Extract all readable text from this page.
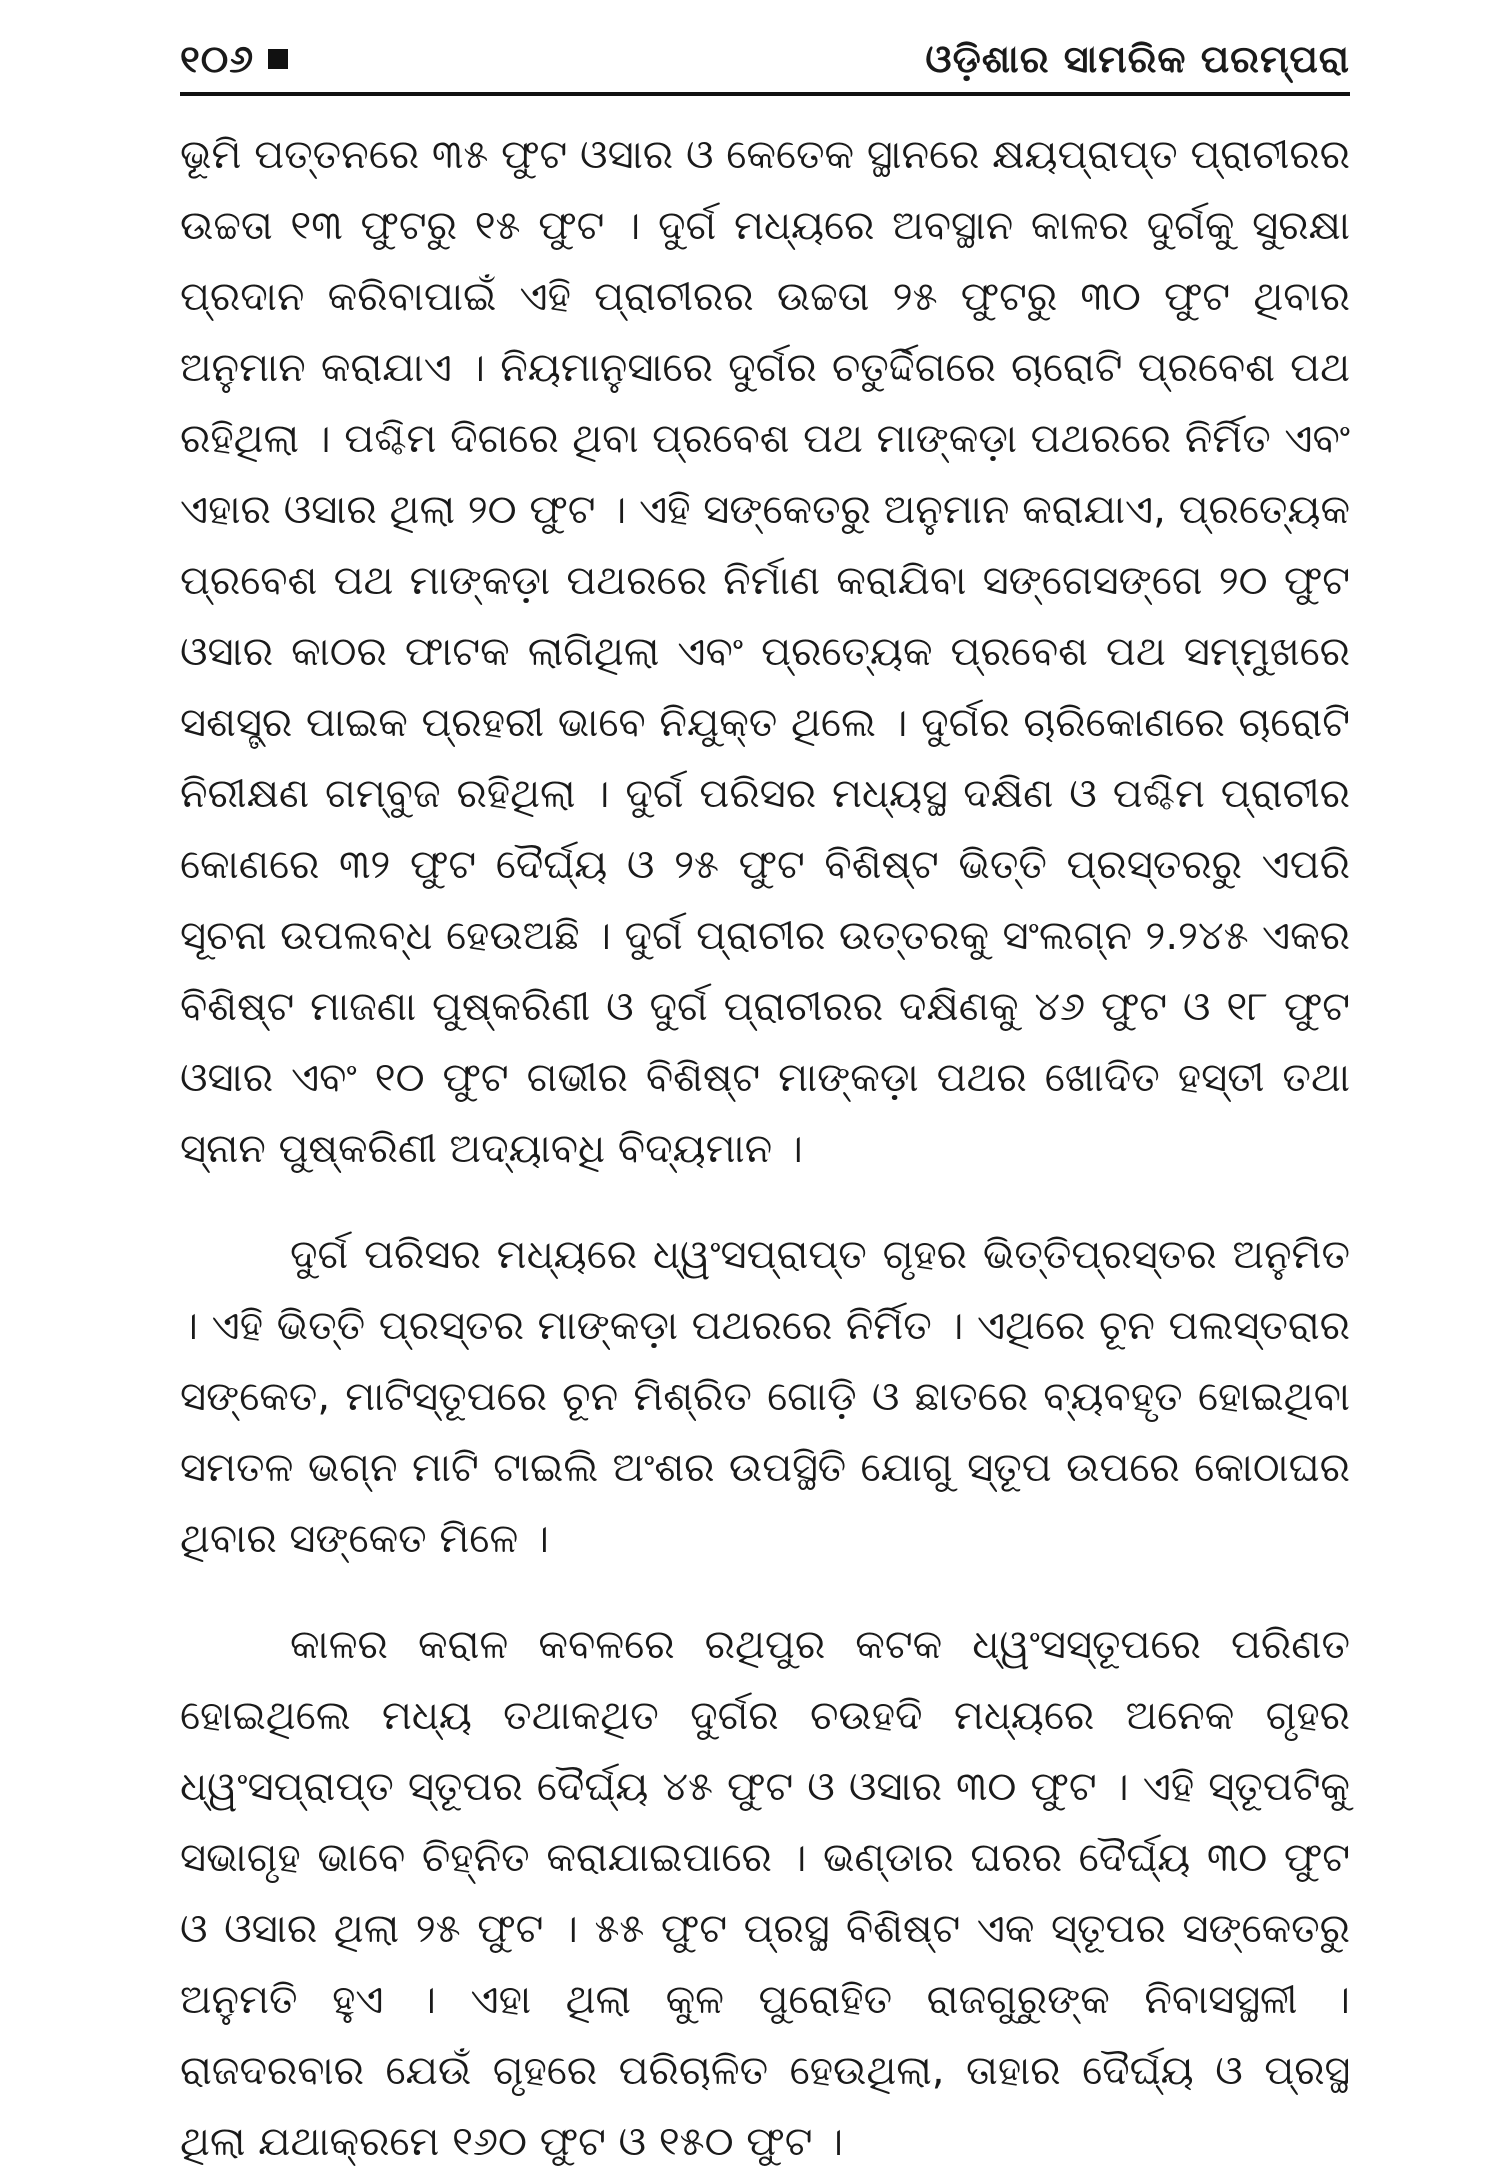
୧୦୬	ଓଡ଼ିଶାର ସାମରିକ ପରମ୍ପରା

ଭୂମି ପତ୍ତନରେ ୩୫ ଫୁଟ ଓସାର ଓ କେତେକ ସ୍ଥାନରେ କ୍ଷୟପ୍ରାପ୍ତ ପ୍ରାଚୀରର ଉଚ୍ଚତା ୧୩ ଫୁଟରୁ ୧୫ ଫୁଟ । ଦୁର୍ଗ ମଧ୍ୟରେ ଅବସ୍ଥାନ କାଳର ଦୁର୍ଗକୁ ସୁରକ୍ଷା ପ୍ରଦାନ କରିବାପାଇଁ ଏହି ପ୍ରାଚୀରର ଉଚ୍ଚତା ୨୫ ଫୁଟରୁ ୩୦ ଫୁଟ ଥିବାର ଅନୁମାନ କରାଯାଏ । ନିୟମାନୁସାରେ ଦୁର୍ଗର ଚତୁର୍ଦ୍ଦିଗରେ ଚାରୋଟି ପ୍ରବେଶ ପଥ ରହିଥିଲା । ପଶ୍ଚିମ ଦିଗରେ ଥିବା ପ୍ରବେଶ ପଥ ମାଙ୍କଡ଼ା ପଥରରେ ନିର୍ମିତ ଏବଂ ଏହାର ଓସାର ଥିଲା ୨୦ ଫୁଟ । ଏହି ସଙ୍କେତରୁ ଅନୁମାନ କରାଯାଏ, ପ୍ରତ୍ୟେକ ପ୍ରବେଶ ପଥ ମାଙ୍କଡ଼ା ପଥରରେ ନିର୍ମାଣ କରାଯିବା ସଙ୍ଗେସଙ୍ଗେ ୨୦ ଫୁଟ ଓସାର କାଠର ଫାଟକ ଲାଗିଥିଲା ଏବଂ ପ୍ରତ୍ୟେକ ପ୍ରବେଶ ପଥ ସମ୍ମୁଖରେ ସଶସ୍ତ୍ର ପାଇକ ପ୍ରହରୀ ଭାବେ ନିଯୁକ୍ତ ଥିଲେ । ଦୁର୍ଗର ଚାରିକୋଣରେ ଚାରୋଟି ନିରୀକ୍ଷଣ ଗମ୍ବୁଜ ରହିଥିଲା । ଦୁର୍ଗ ପରିସର ମଧ୍ୟସ୍ଥ ଦକ୍ଷିଣ ଓ ପଶ୍ଚିମ ପ୍ରାଚୀର କୋଣରେ ୩୨ ଫୁଟ ଦୈର୍ଘ୍ୟ ଓ ୨୫ ଫୁଟ ବିଶିଷ୍ଟ ଭିତ୍ତି ପ୍ରସ୍ତରରୁ ଏପରି ସୂଚନା ଉପଲବ୍ଧ ହେଉଅଛି । ଦୁର୍ଗ ପ୍ରାଚୀର ଉତ୍ତରକୁ ସଂଲଗ୍ନ ୨.୨୪୫ ଏକର ବିଶିଷ୍ଟ ମାଜଣା ପୁଷ୍କରିଣୀ ଓ ଦୁର୍ଗ ପ୍ରାଚୀରର ଦକ୍ଷିଣକୁ ୪୬ ଫୁଟ ଓ ୧୮ ଫୁଟ ଓସାର ଏବଂ ୧୦ ଫୁଟ ଗଭୀର ବିଶିଷ୍ଟ ମାଙ୍କଡ଼ା ପଥର ଖୋଦିତ ହସ୍ତୀ ତଥା ସ୍ନାନ ପୁଷ୍କରିଣୀ ଅଦ୍ୟାବଧି ବିଦ୍ୟମାନ ।

ଦୁର୍ଗ ପରିସର ମଧ୍ୟରେ ଧ୍ୱଂସପ୍ରାପ୍ତ ଗୃହର ଭିତ୍ତିପ୍ରସ୍ତର ଅନୁମିତ । ଏହି ଭିତ୍ତି ପ୍ରସ୍ତର ମାଙ୍କଡ଼ା ପଥରରେ ନିର୍ମିତ । ଏଥିରେ ଚୂନ ପଲସ୍ତରାର ସଙ୍କେତ, ମାଟିସ୍ତୂପରେ ଚୂନ ମିଶ୍ରିତ ଗୋଡ଼ି ଓ ଛାତରେ ବ୍ୟବହୃତ ହୋଇଥିବା ସମତଳ ଭଗ୍ନ ମାଟି ଟାଇଲି ଅଂଶର ଉପସ୍ଥିତି ଯୋଗୁ ସ୍ତୂପ ଉପରେ କୋଠାଘର ଥିବାର ସଙ୍କେତ ମିଳେ ।

କାଳର କରାଳ କବଳରେ ରଥିପୁର କଟକ ଧ୍ୱଂସସ୍ତୂପରେ ପରିଣତ ହୋଇଥିଲେ ମଧ୍ୟ ତଥାକଥିତ ଦୁର୍ଗର ଚଉହଦି ମଧ୍ୟରେ ଅନେକ ଗୃହର ଧ୍ୱଂସପ୍ରାପ୍ତ ସ୍ତୂପର ଦୈର୍ଘ୍ୟ ୪୫ ଫୁଟ ଓ ଓସାର ୩୦ ଫୁଟ । ଏହି ସ୍ତୂପଟିକୁ ସଭାଗୃହ ଭାବେ ଚିହ୍ନିତ କରାଯାଇପାରେ । ଭଣ୍ଡାର ଘରର ଦୈର୍ଘ୍ୟ ୩୦ ଫୁଟ ଓ ଓସାର ଥିଲା ୨୫ ଫୁଟ । ୫୫ ଫୁଟ ପ୍ରସ୍ଥ ବିଶିଷ୍ଟ ଏକ ସ୍ତୂପର ସଙ୍କେତରୁ ଅନୁମତି ହୁଏ । ଏହା ଥିଲା କୁଳ ପୁରୋହିତ ରାଜଗୁରୁଙ୍କ ନିବାସସ୍ଥଳୀ । ରାଜଦରବାର ଯେଉଁ ଗୃହରେ ପରିଚାଳିତ ହେଉଥିଲା, ତାହାର ଦୈର୍ଘ୍ୟ ଓ ପ୍ରସ୍ଥ ଥିଲା ଯଥାକ୍ରମେ ୧୬୦ ଫୁଟ ଓ ୧୫୦ ଫୁଟ ।
